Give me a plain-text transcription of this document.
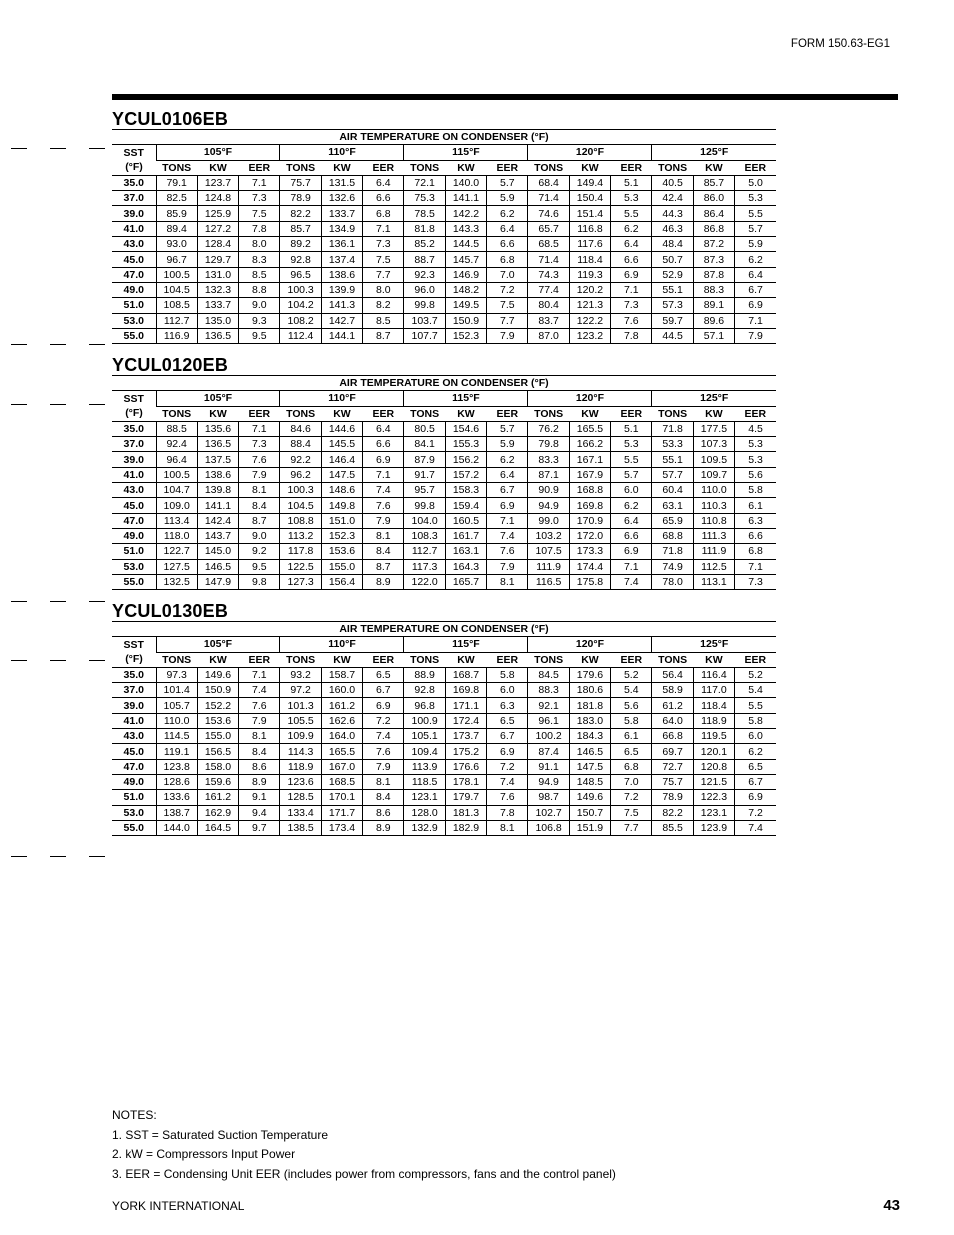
FORM 150.63-EG1
YCUL0106EB
AIR TEMPERATURE ON CONDENSER (°F)															
SST	105°F			110°F			115°F			120°F			125°F		
(°F)	TONS	KW	EER	TONS	KW	EER	TONS	KW	EER	TONS	KW	EER	TONS	KW	EER
35.0	79.1	123.7	7.1	75.7	131.5	6.4	72.1	140.0	5.7	68.4	149.4	5.1	40.5	85.7	5.0
37.0	82.5	124.8	7.3	78.9	132.6	6.6	75.3	141.1	5.9	71.4	150.4	5.3	42.4	86.0	5.3
39.0	85.9	125.9	7.5	82.2	133.7	6.8	78.5	142.2	6.2	74.6	151.4	5.5	44.3	86.4	5.5
41.0	89.4	127.2	7.8	85.7	134.9	7.1	81.8	143.3	6.4	65.7	116.8	6.2	46.3	86.8	5.7
43.0	93.0	128.4	8.0	89.2	136.1	7.3	85.2	144.5	6.6	68.5	117.6	6.4	48.4	87.2	5.9
45.0	96.7	129.7	8.3	92.8	137.4	7.5	88.7	145.7	6.8	71.4	118.4	6.6	50.7	87.3	6.2
47.0	100.5	131.0	8.5	96.5	138.6	7.7	92.3	146.9	7.0	74.3	119.3	6.9	52.9	87.8	6.4
49.0	104.5	132.3	8.8	100.3	139.9	8.0	96.0	148.2	7.2	77.4	120.2	7.1	55.1	88.3	6.7
51.0	108.5	133.7	9.0	104.2	141.3	8.2	99.8	149.5	7.5	80.4	121.3	7.3	57.3	89.1	6.9
53.0	112.7	135.0	9.3	108.2	142.7	8.5	103.7	150.9	7.7	83.7	122.2	7.6	59.7	89.6	7.1
55.0	116.9	136.5	9.5	112.4	144.1	8.7	107.7	152.3	7.9	87.0	123.2	7.8	44.5	57.1	7.9
YCUL0120EB
AIR TEMPERATURE ON CONDENSER (°F)															
SST	105°F			110°F			115°F			120°F			125°F		
(°F)	TONS	KW	EER	TONS	KW	EER	TONS	KW	EER	TONS	KW	EER	TONS	KW	EER
35.0	88.5	135.6	7.1	84.6	144.6	6.4	80.5	154.6	5.7	76.2	165.5	5.1	71.8	177.5	4.5
37.0	92.4	136.5	7.3	88.4	145.5	6.6	84.1	155.3	5.9	79.8	166.2	5.3	53.3	107.3	5.3
39.0	96.4	137.5	7.6	92.2	146.4	6.9	87.9	156.2	6.2	83.3	167.1	5.5	55.1	109.5	5.3
41.0	100.5	138.6	7.9	96.2	147.5	7.1	91.7	157.2	6.4	87.1	167.9	5.7	57.7	109.7	5.6
43.0	104.7	139.8	8.1	100.3	148.6	7.4	95.7	158.3	6.7	90.9	168.8	6.0	60.4	110.0	5.8
45.0	109.0	141.1	8.4	104.5	149.8	7.6	99.8	159.4	6.9	94.9	169.8	6.2	63.1	110.3	6.1
47.0	113.4	142.4	8.7	108.8	151.0	7.9	104.0	160.5	7.1	99.0	170.9	6.4	65.9	110.8	6.3
49.0	118.0	143.7	9.0	113.2	152.3	8.1	108.3	161.7	7.4	103.2	172.0	6.6	68.8	111.3	6.6
51.0	122.7	145.0	9.2	117.8	153.6	8.4	112.7	163.1	7.6	107.5	173.3	6.9	71.8	111.9	6.8
53.0	127.5	146.5	9.5	122.5	155.0	8.7	117.3	164.3	7.9	111.9	174.4	7.1	74.9	112.5	7.1
55.0	132.5	147.9	9.8	127.3	156.4	8.9	122.0	165.7	8.1	116.5	175.8	7.4	78.0	113.1	7.3
YCUL0130EB
AIR TEMPERATURE ON CONDENSER (°F)															
SST	105°F			110°F			115°F			120°F			125°F		
(°F)	TONS	KW	EER	TONS	KW	EER	TONS	KW	EER	TONS	KW	EER	TONS	KW	EER
35.0	97.3	149.6	7.1	93.2	158.7	6.5	88.9	168.7	5.8	84.5	179.6	5.2	56.4	116.4	5.2
37.0	101.4	150.9	7.4	97.2	160.0	6.7	92.8	169.8	6.0	88.3	180.6	5.4	58.9	117.0	5.4
39.0	105.7	152.2	7.6	101.3	161.2	6.9	96.8	171.1	6.3	92.1	181.8	5.6	61.2	118.4	5.5
41.0	110.0	153.6	7.9	105.5	162.6	7.2	100.9	172.4	6.5	96.1	183.0	5.8	64.0	118.9	5.8
43.0	114.5	155.0	8.1	109.9	164.0	7.4	105.1	173.7	6.7	100.2	184.3	6.1	66.8	119.5	6.0
45.0	119.1	156.5	8.4	114.3	165.5	7.6	109.4	175.2	6.9	87.4	146.5	6.5	69.7	120.1	6.2
47.0	123.8	158.0	8.6	118.9	167.0	7.9	113.9	176.6	7.2	91.1	147.5	6.8	72.7	120.8	6.5
49.0	128.6	159.6	8.9	123.6	168.5	8.1	118.5	178.1	7.4	94.9	148.5	7.0	75.7	121.5	6.7
51.0	133.6	161.2	9.1	128.5	170.1	8.4	123.1	179.7	7.6	98.7	149.6	7.2	78.9	122.3	6.9
53.0	138.7	162.9	9.4	133.4	171.7	8.6	128.0	181.3	7.8	102.7	150.7	7.5	82.2	123.1	7.2
55.0	144.0	164.5	9.7	138.5	173.4	8.9	132.9	182.9	8.1	106.8	151.9	7.7	85.5	123.9	7.4
NOTES:
1. SST = Saturated Suction Temperature
2. kW = Compressors Input Power
3. EER = Condensing Unit EER (includes power from compressors, fans and the control panel)
YORK INTERNATIONAL	43
